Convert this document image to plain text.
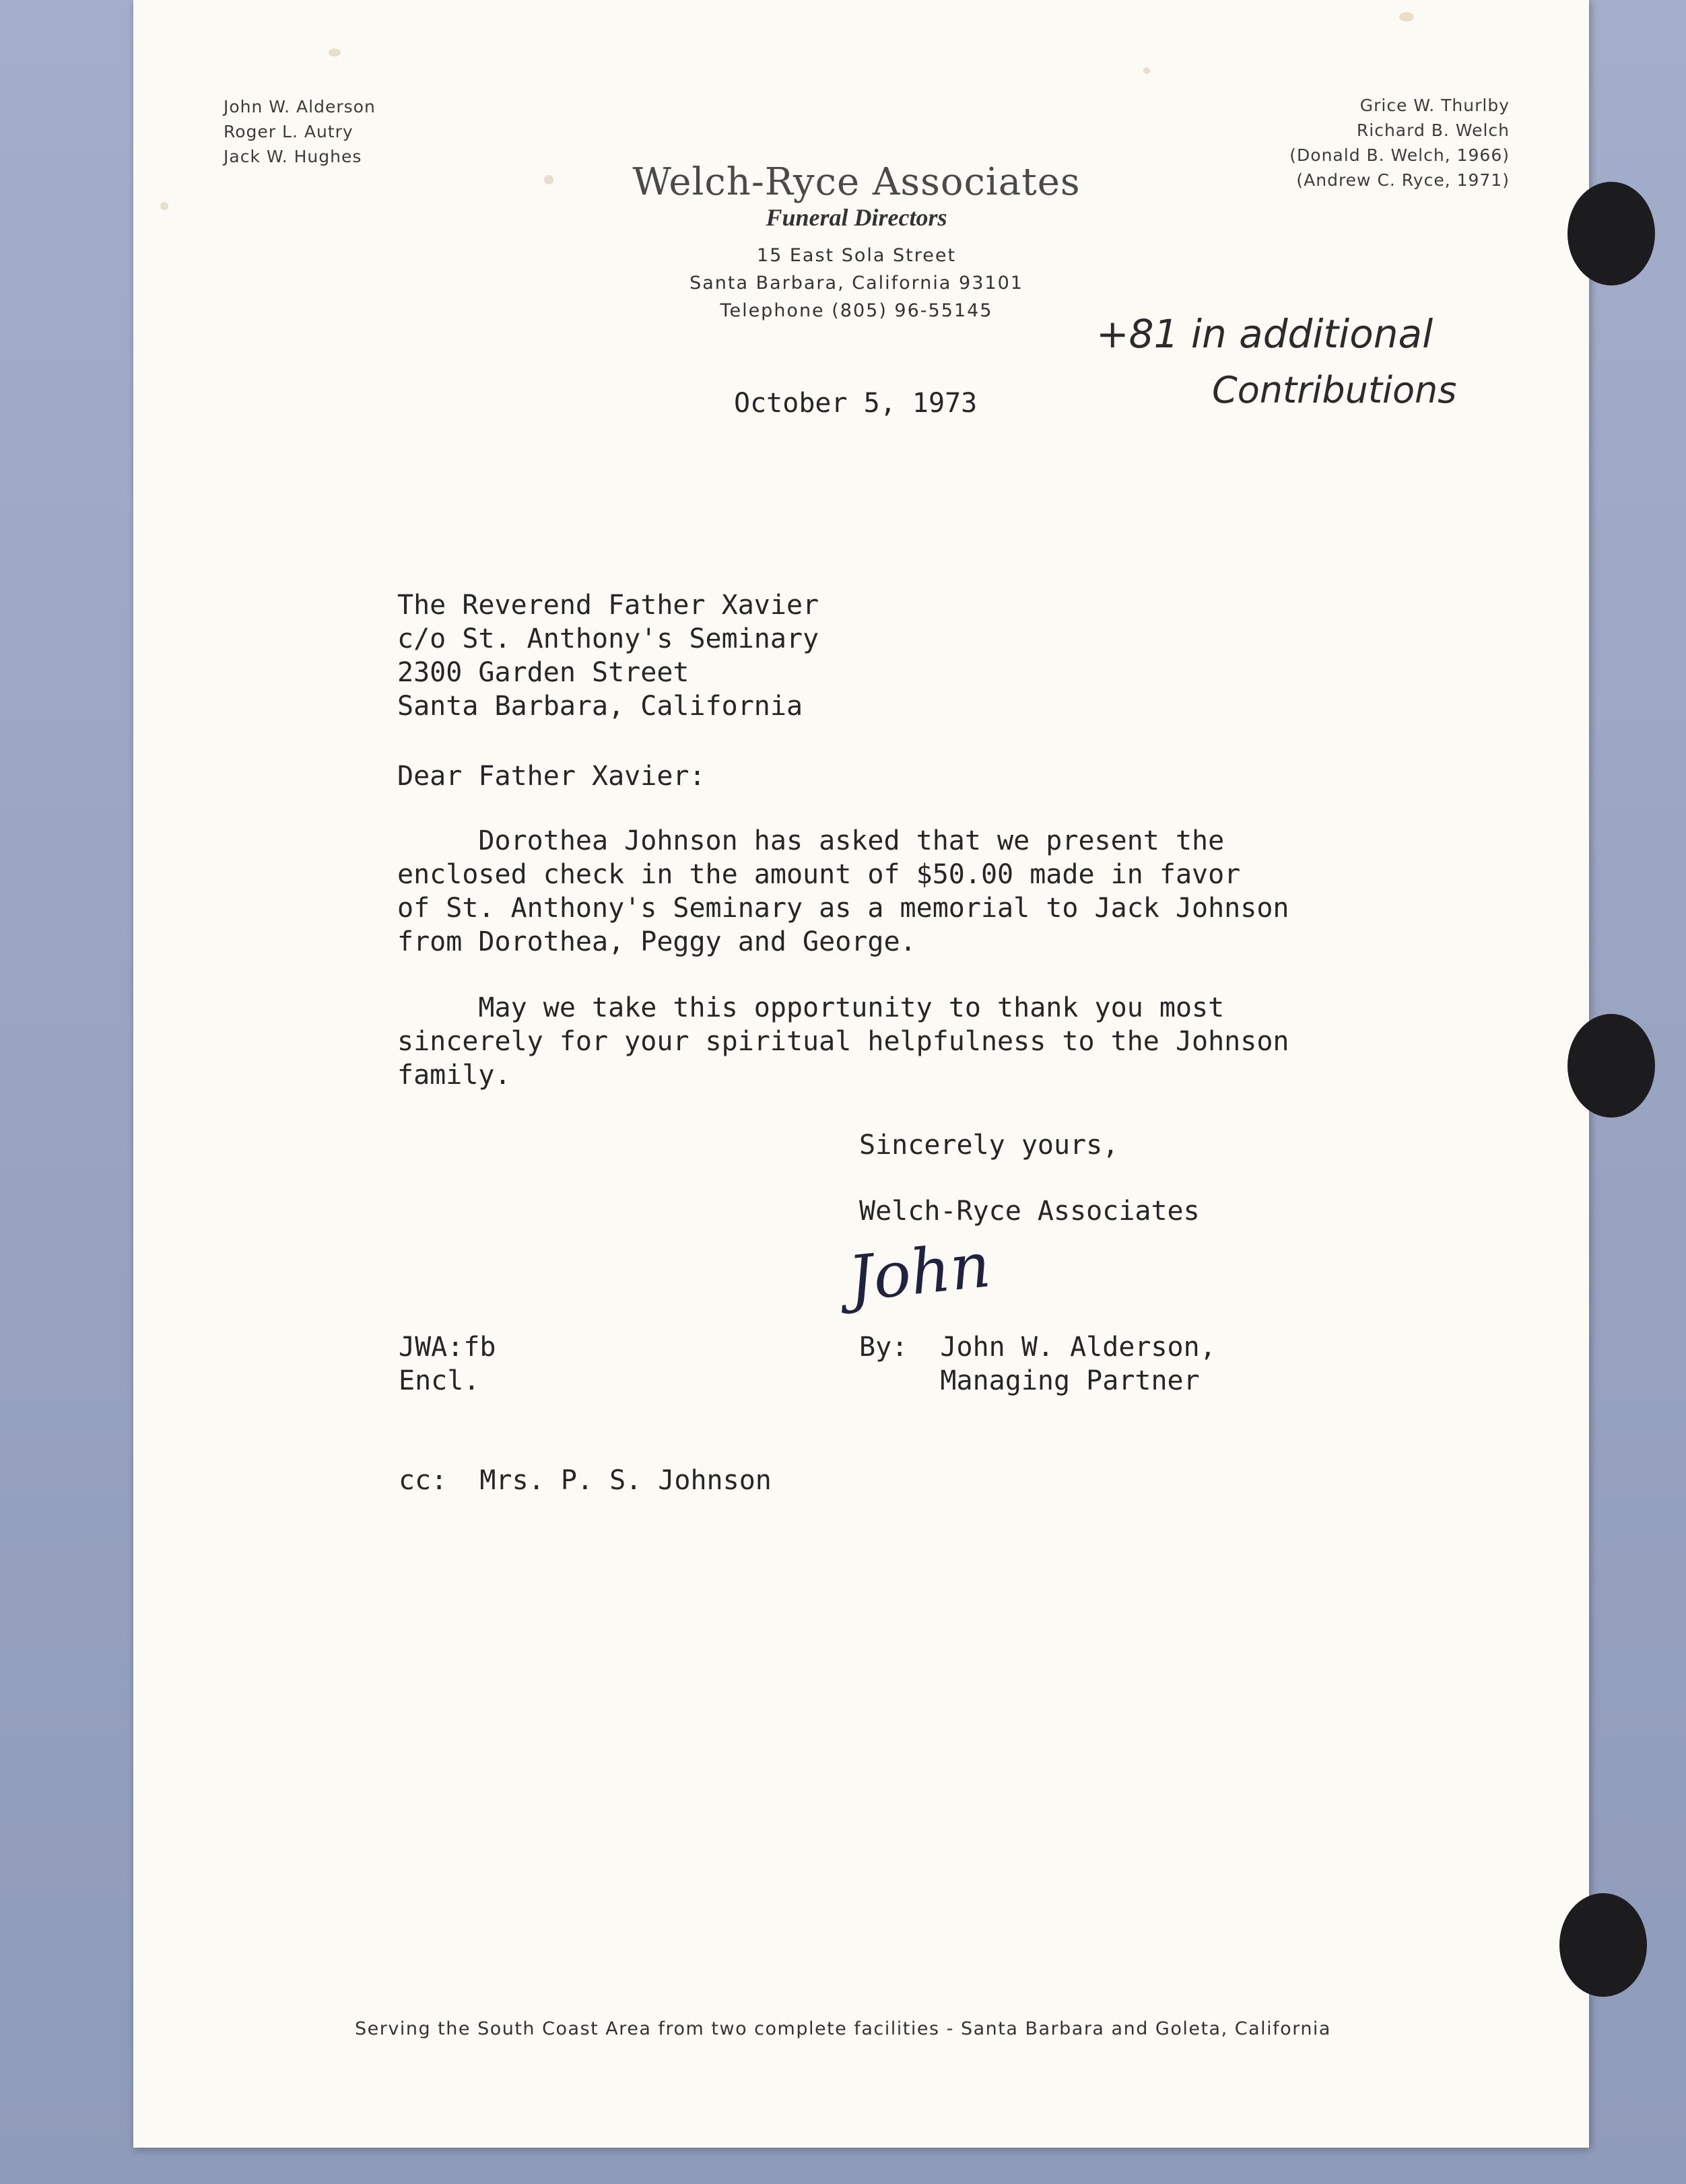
John W. Alderson
Roger L. Autry
Jack W. Hughes
Grice W. Thurlby
Richard B. Welch
(Donald B. Welch, 1966)
(Andrew C. Ryce, 1971)
Welch-Ryce Associates
Funeral Directors
15 East Sola Street
Santa Barbara, California 93101
Telephone (805) 96-55145
+81 in additional
Contributions
October 5, 1973
The Reverend Father Xavier
c/o St. Anthony's Seminary
2300 Garden Street
Santa Barbara, California
Dear Father Xavier:
Dorothea Johnson has asked that we present the
enclosed check in the amount of $50.00 made in favor
of St. Anthony's Seminary as a memorial to Jack Johnson
from Dorothea, Peggy and George.
May we take this opportunity to thank you most
sincerely for your spiritual helpfulness to the Johnson
family.
Sincerely yours,
Welch-Ryce Associates
John
By:  John W. Alderson,
Managing Partner
JWA:fb
Encl.
cc:  Mrs. P. S. Johnson
Serving the South Coast Area from two complete facilities - Santa Barbara and Goleta, California
